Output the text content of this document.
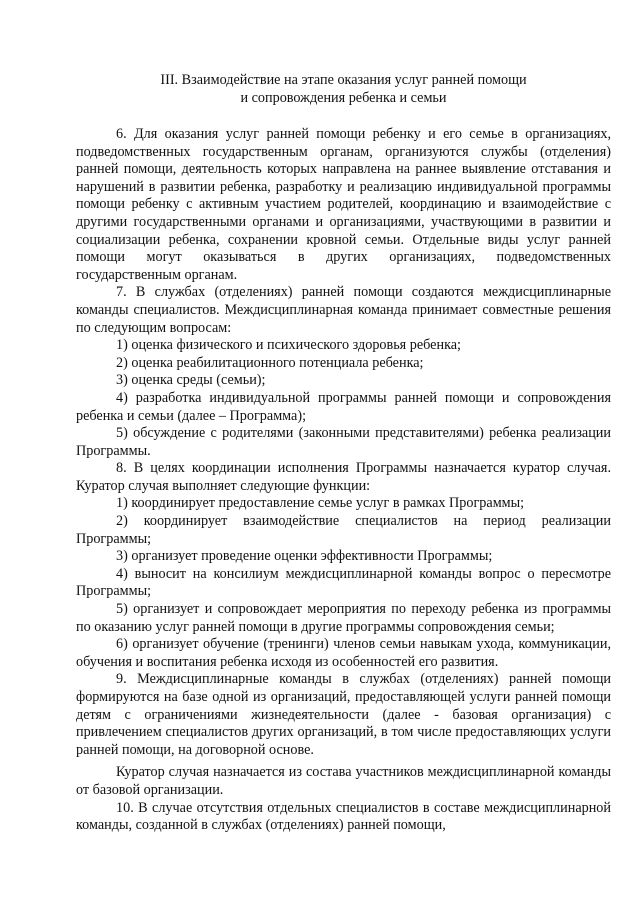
III. Взаимодействие на этапе оказания услуг ранней помощи
и сопровождения ребенка и семьи

6. Для оказания услуг ранней помощи ребенку и его семье в организациях, подведомственных государственным органам, организуются службы (отделения) ранней помощи, деятельность которых направлена на раннее выявление отставания и нарушений в развитии ребенка, разработку и реализацию индивидуальной программы помощи ребенку с активным участием родителей, координацию и взаимодействие с другими государственными органами и организациями, участвующими в развитии и социализации ребенка, сохранении кровной семьи. Отдельные виды услуг ранней помощи могут оказываться в других организациях, подведомственных государственным органам.

7. В службах (отделениях) ранней помощи создаются междисциплинарные команды специалистов. Междисциплинарная команда принимает совместные решения по следующим вопросам:

1) оценка физического и психического здоровья ребенка;

2) оценка реабилитационного потенциала ребенка;

3) оценка среды (семьи);

4) разработка индивидуальной программы ранней помощи и сопровождения ребенка и семьи (далее – Программа);

5) обсуждение с родителями (законными представителями) ребенка реализации Программы.

8. В целях координации исполнения Программы назначается куратор случая. Куратор случая выполняет следующие функции:

1) координирует предоставление семье услуг в рамках Программы;

2) координирует взаимодействие специалистов на период реализации Программы;

3) организует проведение оценки эффективности Программы;

4) выносит на консилиум междисциплинарной команды вопрос о пересмотре Программы;

5) организует и сопровождает мероприятия по переходу ребенка из программы по оказанию услуг ранней помощи в другие программы сопровождения семьи;

6) организует обучение (тренинги) членов семьи навыкам ухода, коммуникации, обучения и воспитания ребенка исходя из особенностей его развития.

9. Междисциплинарные команды в службах (отделениях) ранней помощи формируются на базе одной из организаций, предоставляющей услуги ранней помощи детям с ограничениями жизнедеятельности (далее - базовая организация) с привлечением специалистов других организаций, в том числе предоставляющих услуги ранней помощи, на договорной основе.

Куратор случая назначается из состава участников междисциплинарной команды от базовой организации.

10. В случае отсутствия отдельных специалистов в составе междисциплинарной команды, созданной в службах (отделениях) ранней помощи,
